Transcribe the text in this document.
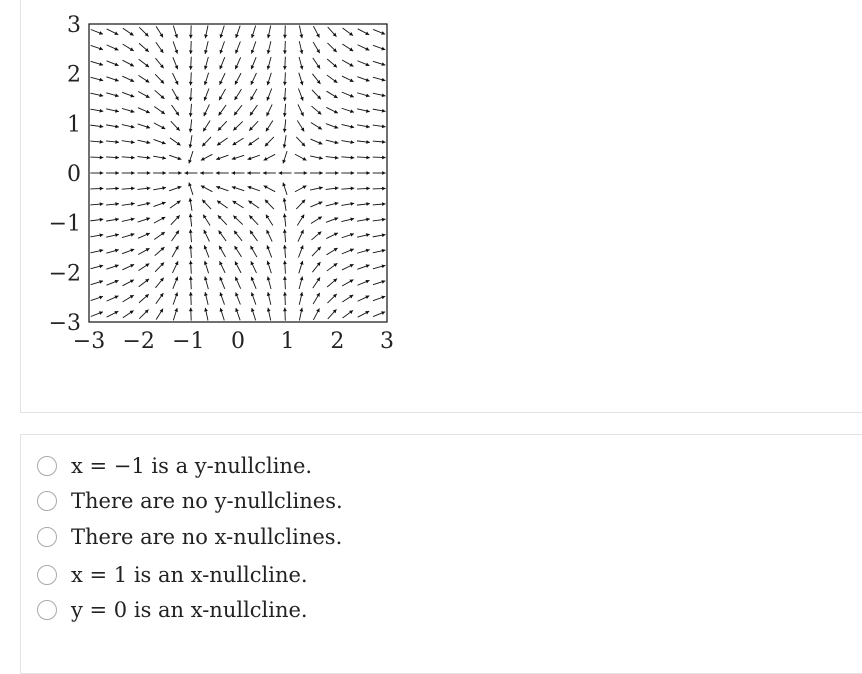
3
2
1
0
−1
−2
−3
−3 −2 −1 0 1 2 3
x = −1 is a y-nullcline.
There are no y-nullclines.
There are no x-nullclines.
x = 1 is an x-nullcline.
y = 0 is an x-nullcline.
